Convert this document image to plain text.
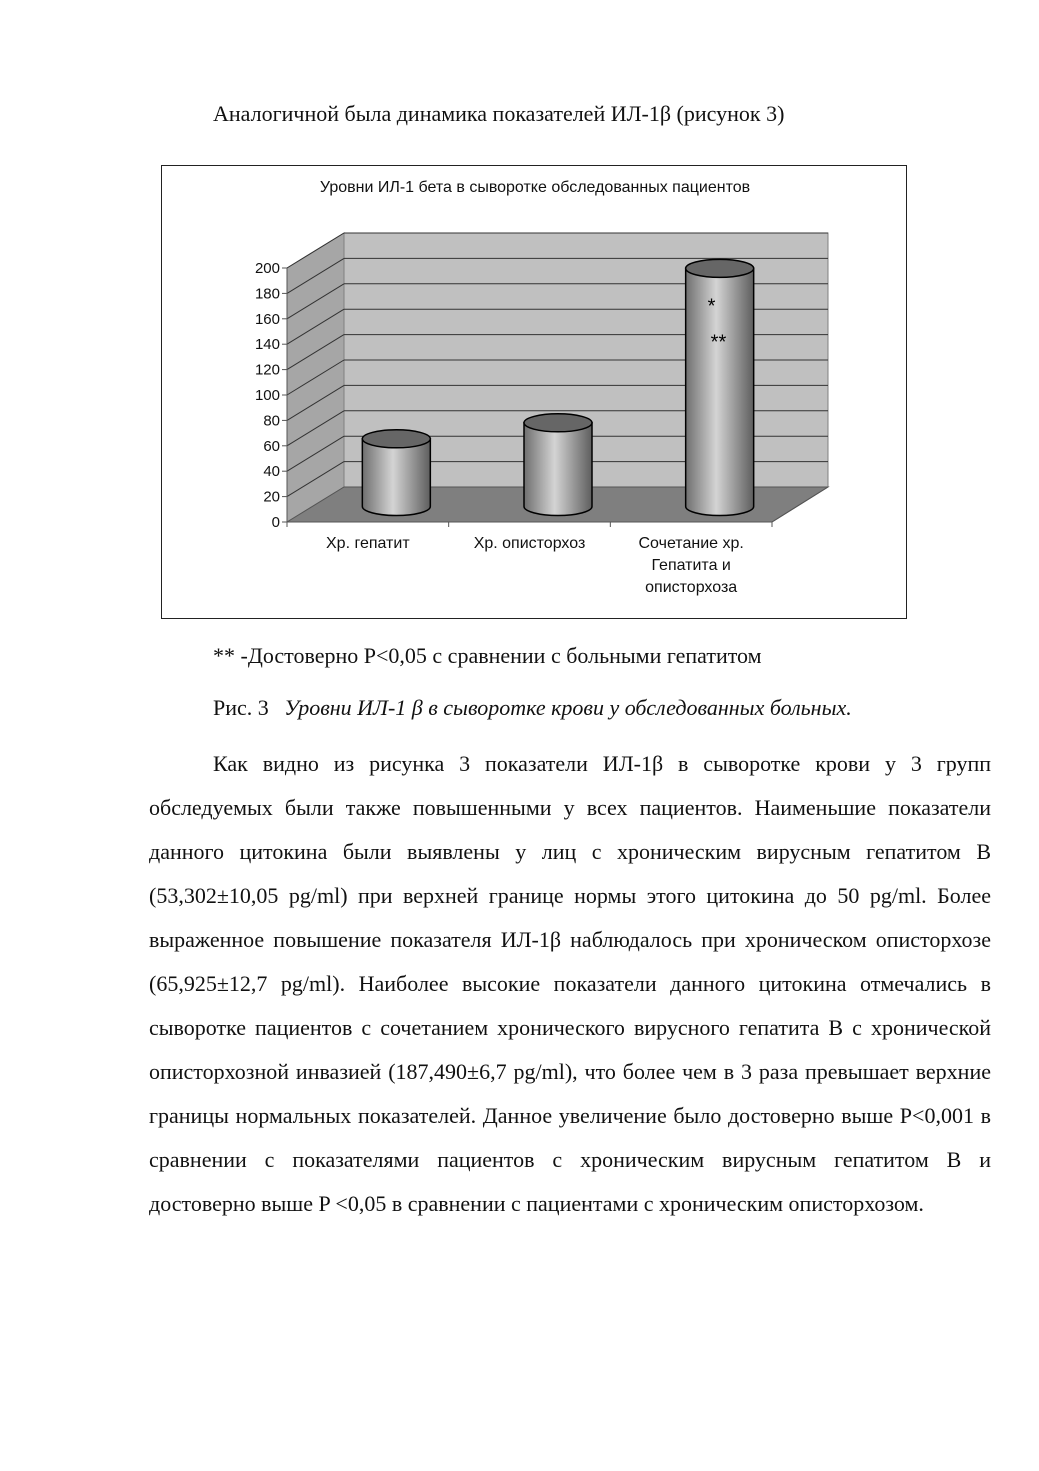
Аналогичной была динамика показателей ИЛ-1β (рисунок 3)
Уровни ИЛ-1 бета в сыворотке обследованных пациентов
0
20
40
60
80
100
120
140
160
180
200
Хр. гепатит	Хр. описторхоз
*
**
Сочетание хр.
Гепатита и
описторхоза
** -Достоверно P<0,05 с сравнении с больными гепатитом
Рис. 3 Уровни ИЛ-1 β в сыворотке крови у обследованных больных.

Как видно из рисунка 3 показатели ИЛ-1β в сыворотке крови у 3 групп обследуемых были также повышенными у всех пациентов. Наименьшие показатели данного цитокина были выявлены у лиц с хроническим вирусным гепатитом В (53,302±10,05 pg/ml) при верхней границе нормы этого цитокина до 50 pg/ml. Более выраженное повышение показателя ИЛ-1β наблюдалось при хроническом описторхозе (65,925±12,7 pg/ml). Наиболее высокие показатели данного цитокина отмечались в сыворотке пациентов с сочетанием хронического вирусного гепатита В с хронической описторхозной инвазией (187,490±6,7 pg/ml), что более чем в 3 раза превышает верхние границы нормальных показателей. Данное увеличение было достоверно выше P<0,001 в сравнении с показателями пациентов с хроническим вирусным гепатитом В и достоверно выше P <0,05 в сравнении с пациентами с хроническим описторхозом.
